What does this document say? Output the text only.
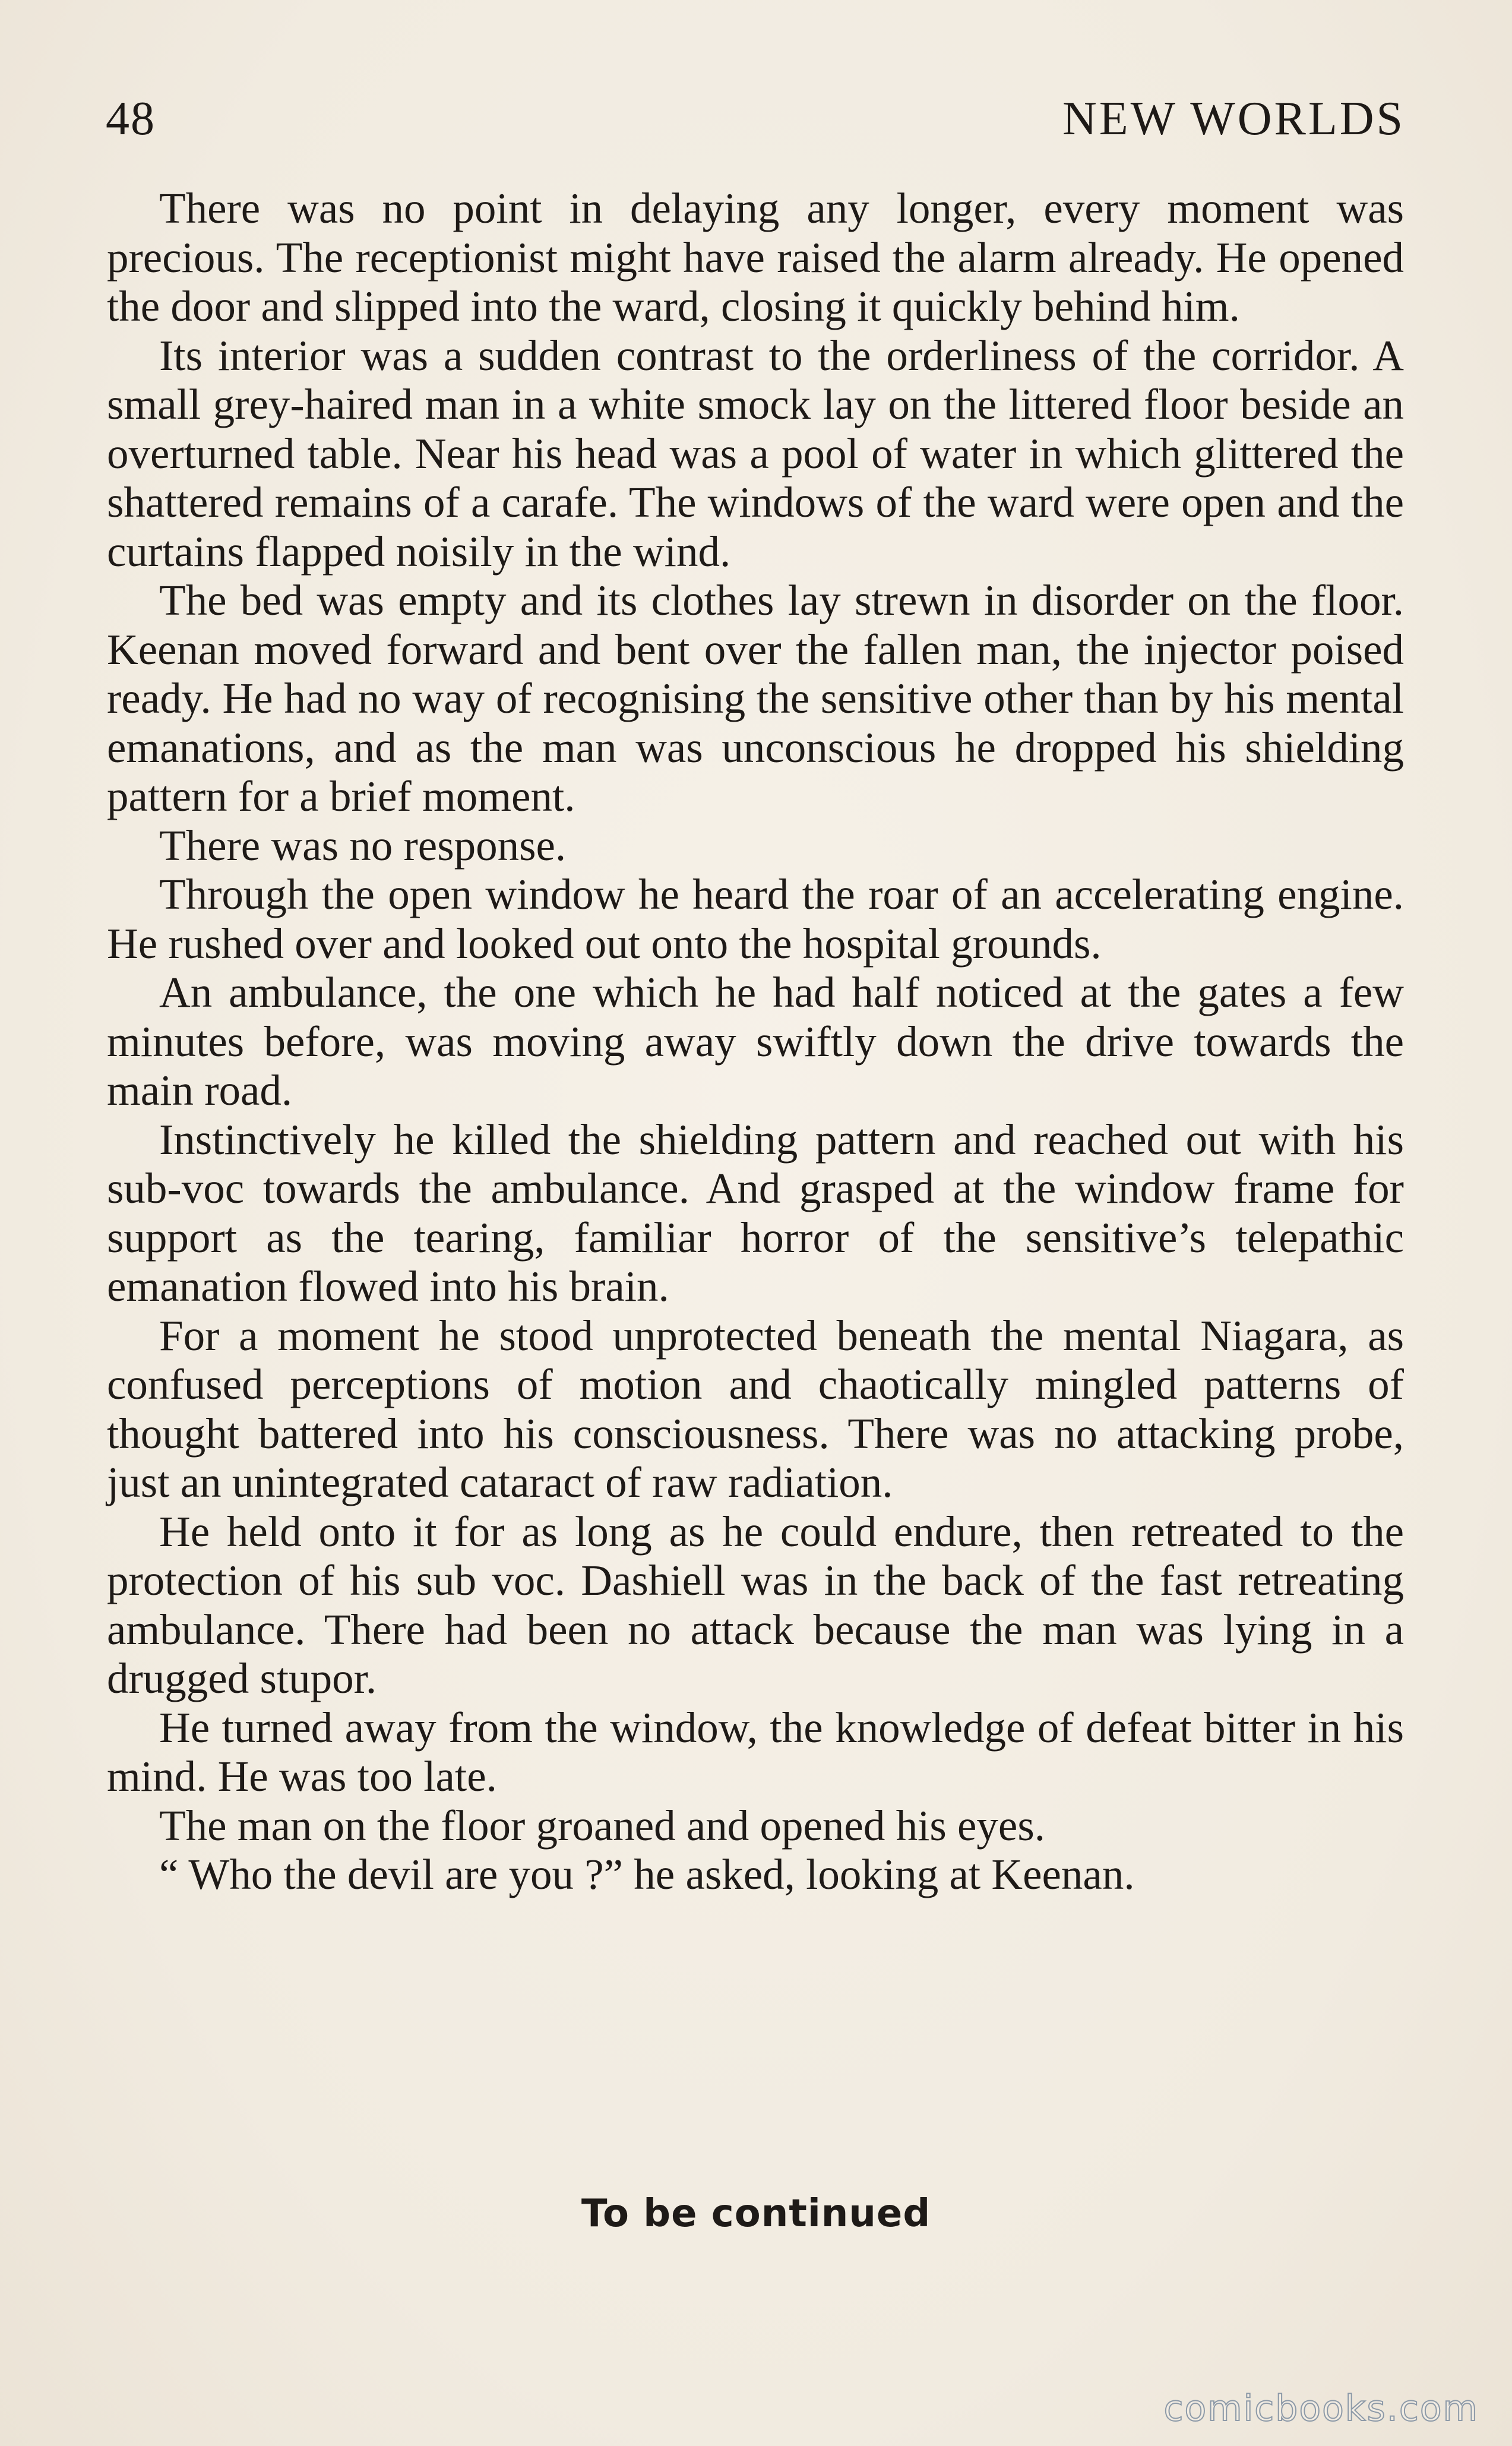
48	NEW WORLDS

There was no point in delaying any longer, every moment was precious. The receptionist might have raised the alarm already. He opened the door and slipped into the ward, closing it quickly behind him.

Its interior was a sudden contrast to the orderliness of the corridor. A small grey-haired man in a white smock lay on the littered floor beside an overturned table. Near his head was a pool of water in which glittered the shattered remains of a carafe. The windows of the ward were open and the curtains flapped noisily in the wind.

The bed was empty and its clothes lay strewn in disorder on the floor. Keenan moved forward and bent over the fallen man, the injector poised ready. He had no way of recognising the sensitive other than by his mental emanations, and as the man was unconscious he dropped his shielding pattern for a brief moment.

There was no response.

Through the open window he heard the roar of an accelerating engine. He rushed over and looked out onto the hospital grounds.

An ambulance, the one which he had half noticed at the gates a few minutes before, was moving away swiftly down the drive towards the main road.

Instinctively he killed the shielding pattern and reached out with his sub-voc towards the ambulance. And grasped at the window frame for support as the tearing, familiar horror of the sensitive’s telepathic emanation flowed into his brain.

For a moment he stood unprotected beneath the mental Niagara, as confused perceptions of motion and chaotically mingled patterns of thought battered into his consciousness. There was no attacking probe, just an unintegrated cataract of raw radiation.

He held onto it for as long as he could endure, then retreated to the protection of his sub voc. Dashiell was in the back of the fast retreating ambulance. There had been no attack because the man was lying in a drugged stupor.

He turned away from the window, the knowledge of defeat bitter in his mind. He was too late.

The man on the floor groaned and opened his eyes.

“ Who the devil are you ?” he asked, looking at Keenan.

To be continued
comicbooks.com
